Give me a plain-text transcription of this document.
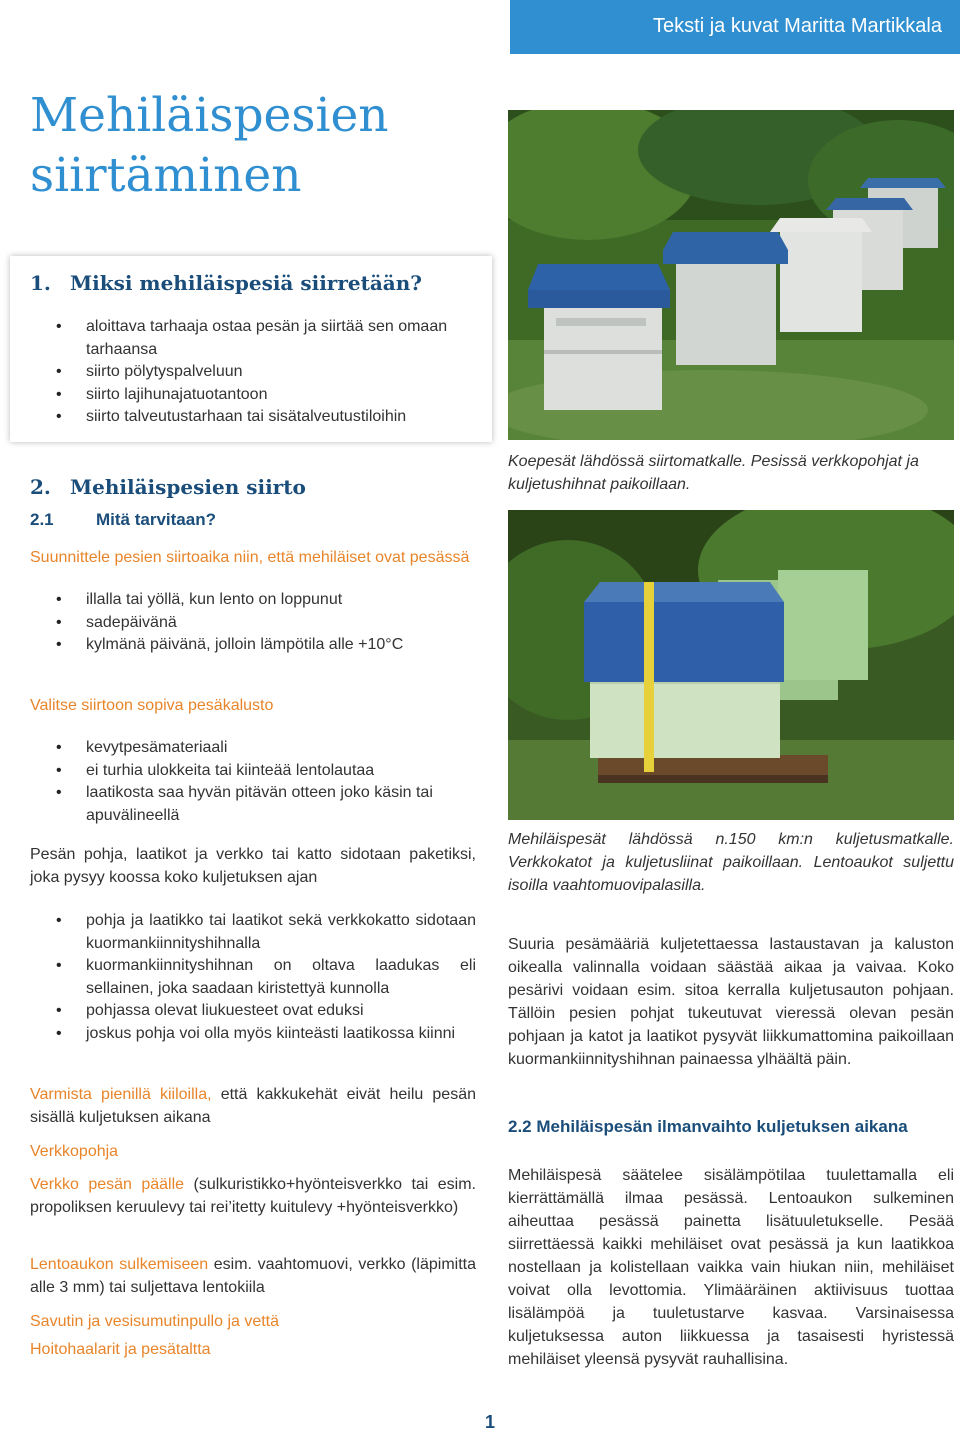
Teksti ja kuvat Maritta Martikkala
Mehiläispesien
siirtäminen
1. Miksi mehiläispesiä siirretään?
• aloittava tarhaaja ostaa pesän ja siirtää sen omaan tarhaansa
• siirto pölytyspalveluun
• siirto lajihunajatuotantoon
• siirto talveutustarhaan tai sisätalveutustiloihin
2. Mehiläispesien siirto
2.1 Mitä tarvitaan?

Suunnittele pesien siirtoaika niin, että mehiläiset ovat pesässä

• illalla tai yöllä, kun lento on loppunut
• sadepäivänä
• kylmänä päivänä, jolloin lämpötila alle +10°C

Valitse siirtoon sopiva pesäkalusto

• kevytpesämateriaali
• ei turhia ulokkeita tai kiinteää lentolautaa
• laatikosta saa hyvän pitävän otteen joko käsin tai apuvälineellä

Pesän pohja, laatikot ja verkko tai katto sidotaan paketiksi, joka pysyy koossa koko kuljetuksen ajan

• pohja ja laatikko tai laatikot sekä verkkokatto sidotaan kuormankiinnityshihnalla
• kuormankiinnityshihnan on oltava laadukas eli sellainen, joka saadaan kiristettyä kunnolla
• pohjassa olevat liukuesteet ovat eduksi
• joskus pohja voi olla myös kiinteästi laatikossa kiinni

Varmista pienillä kiiloilla, että kakkukehät eivät heilu pesän sisällä kuljetuksen aikana

Verkkopohja

Verkko pesän päälle (sulkuristikko+hyönteisverkko tai esim. propoliksen keruulevy tai rei’itetty kuitulevy +hyönteisverkko)

Lentoaukon sulkemiseen esim. vaahtomuovi, verkko (läpimitta alle 3 mm) tai suljettava lentokiila

Savutin ja vesisumutinpullo ja vettä

Hoitohaalarit ja pesätaltta

Koepesät lähdössä siirtomatkalle. Pesissä verkkopohjat ja kuljetushihnat paikoillaan.

Mehiläispesät lähdössä n.150 km:n kuljetusmatkalle. Verkkokatot ja kuljetusliinat paikoillaan. Lentoaukot suljettu isoilla vaahtomuovipalasilla.

Suuria pesämääriä kuljetettaessa lastaustavan ja kaluston oikealla valinnalla voidaan säästää aikaa ja vaivaa. Koko pesärivi voidaan esim. sitoa kerralla kuljetusauton pohjaan. Tällöin pesien pohjat tukeutuvat vieressä olevan pesän pohjaan ja katot ja laatikot pysyvät liikkumattomina paikoillaan kuormankiinnityshihnan painaessa ylhäältä päin.

2.2 Mehiläispesän ilmanvaihto kuljetuksen aikana

Mehiläispesä säätelee sisälämpötilaa tuulettamalla eli kierrättämällä ilmaa pesässä. Lentoaukon sulkeminen aiheuttaa pesässä painetta lisätuuletukselle. Pesää siirrettäessä kaikki mehiläiset ovat pesässä ja kun laatikkoa nostellaan ja kolistellaan vaikka vain hiukan niin, mehiläiset voivat olla levottomia. Ylimääräinen aktiivisuus tuottaa lisälämpöä ja tuuletustarve kasvaa. Varsinaisessa kuljetuksessa auton liikkuessa ja tasaisesti hyristessä mehiläiset yleensä pysyvät rauhallisina.

1
